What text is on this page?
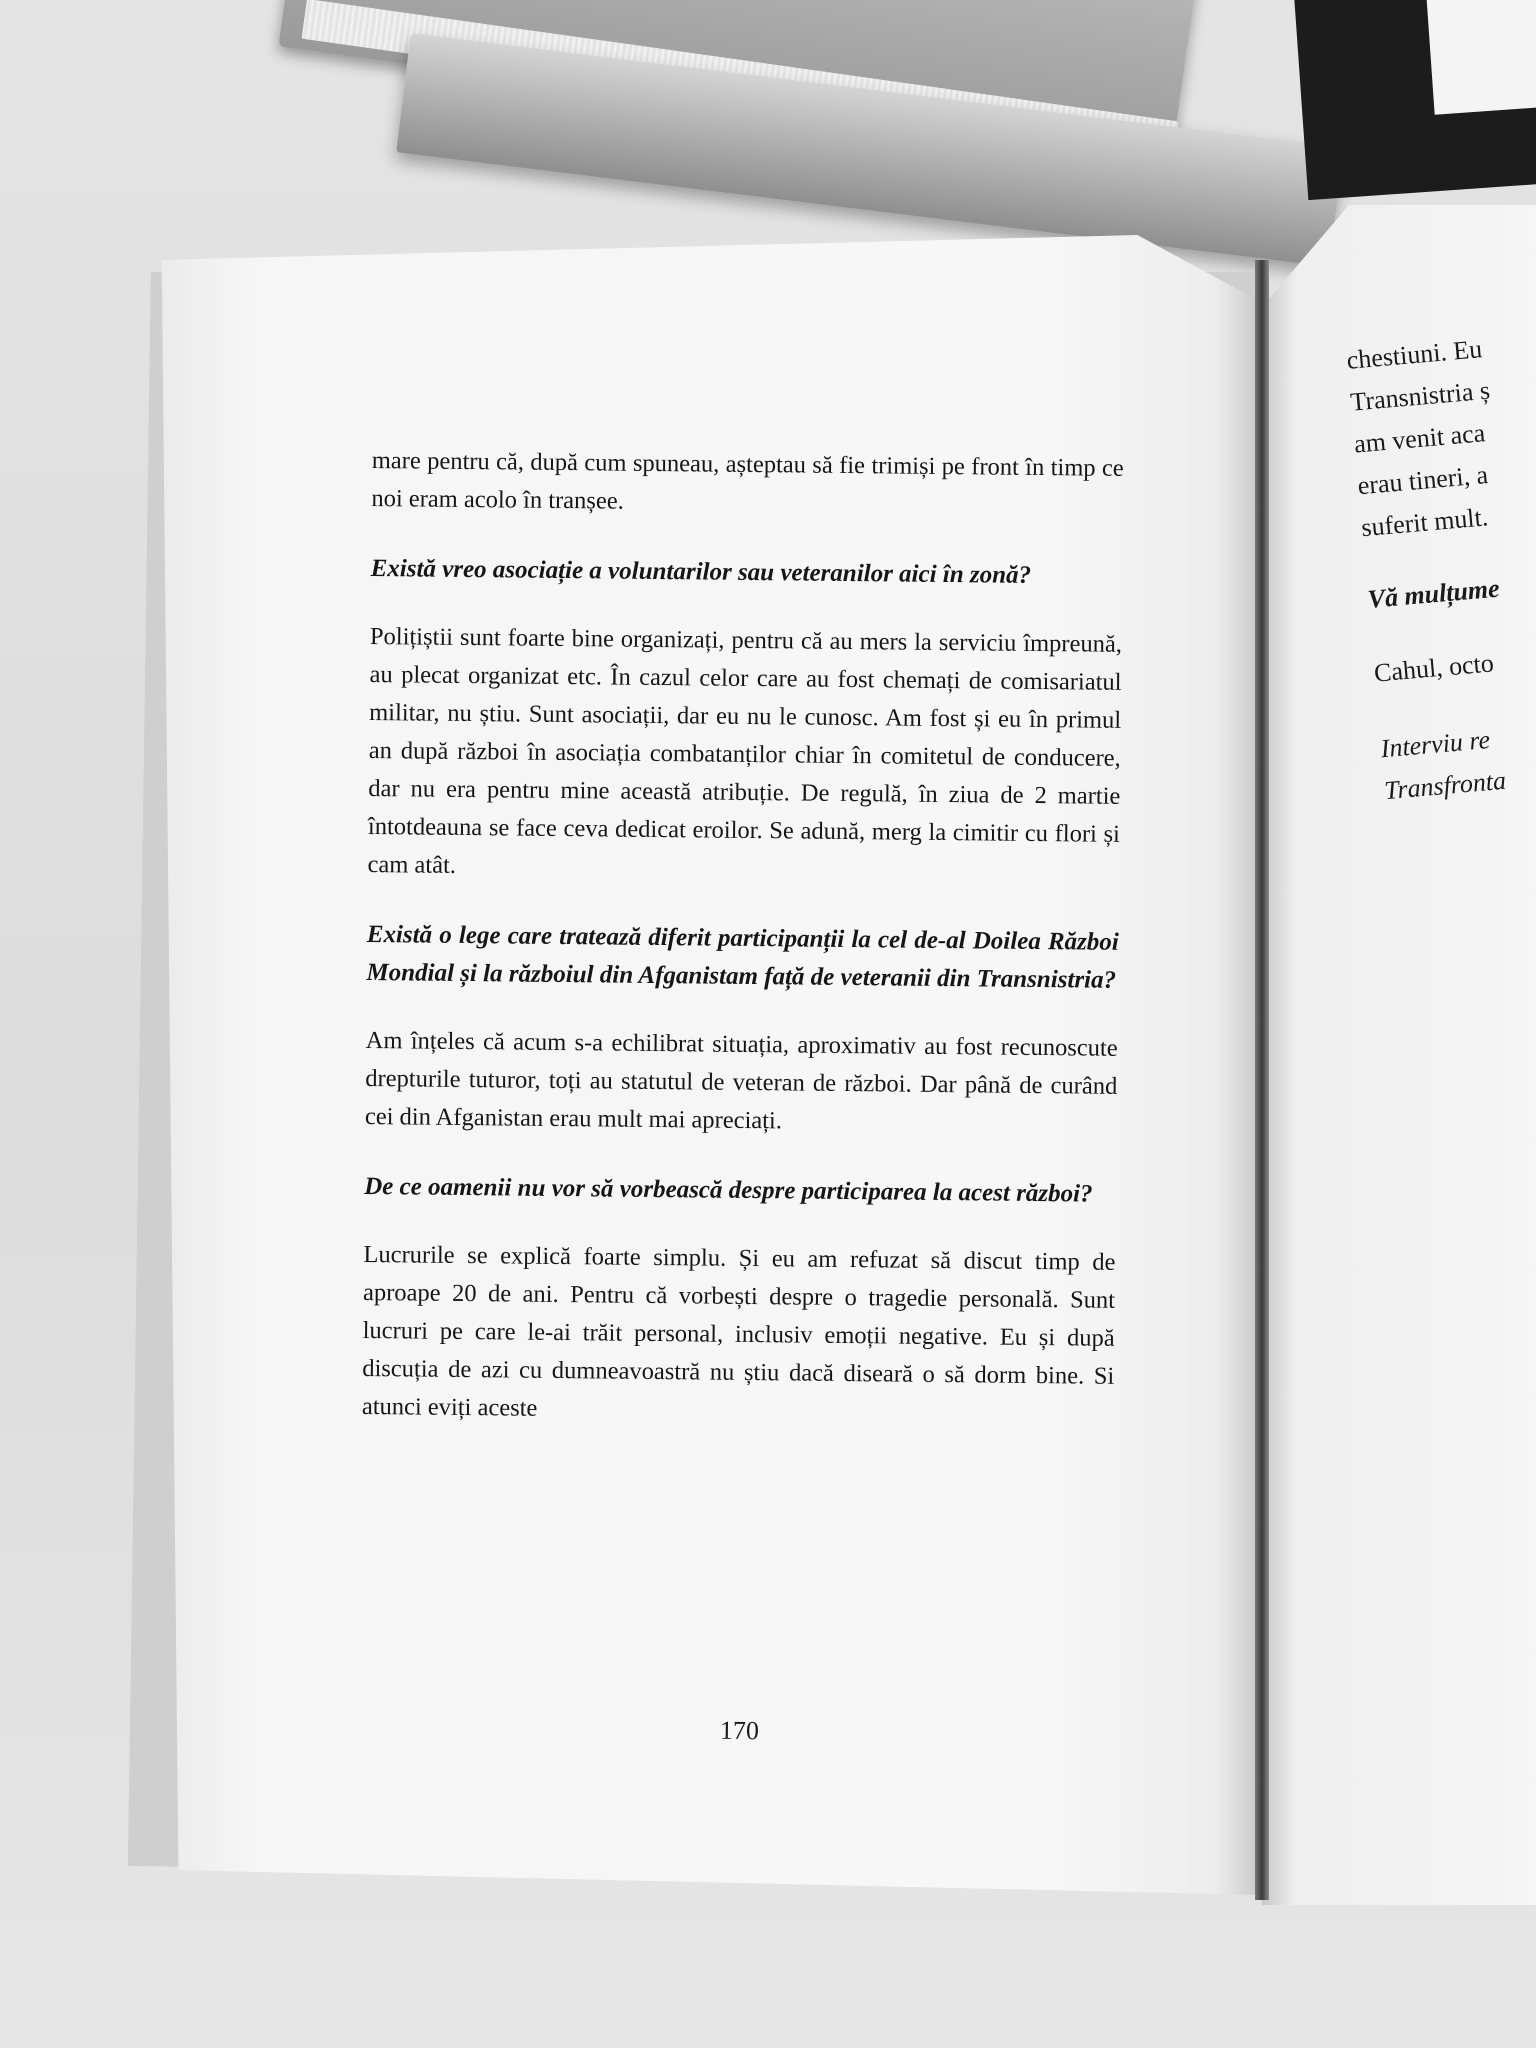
mare pentru că, după cum spuneau, așteptau să fie trimiși pe front în timp ce noi eram acolo în tranșee.

Există vreo asociație a voluntarilor sau veteranilor aici în zonă?

Polițiștii sunt foarte bine organizați, pentru că au mers la serviciu împreună, au plecat organizat etc. În cazul celor care au fost chemați de comisariatul militar, nu știu. Sunt asociații, dar eu nu le cunosc. Am fost și eu în primul an după război în asociația combatanților chiar în comitetul de conducere, dar nu era pentru mine această atribuție. De regulă, în ziua de 2 martie întotdeauna se face ceva dedicat eroilor. Se adună, merg la cimitir cu flori și cam atât.

Există o lege care tratează diferit participanții la cel de-al Doilea Război Mondial și la războiul din Afganistam față de veteranii din Transnistria?

Am înțeles că acum s-a echilibrat situația, aproximativ au fost recunoscute drepturile tuturor, toți au statutul de veteran de război. Dar până de curând cei din Afganistan erau mult mai apreciați.

De ce oamenii nu vor să vorbească despre participarea la acest război?

Lucrurile se explică foarte simplu. Și eu am refuzat să discut timp de aproape 20 de ani. Pentru că vorbești despre o tragedie personală. Sunt lucruri pe care le-ai trăit personal, inclusiv emoții negative. Eu și după discuția de azi cu dumneavoastră nu știu dacă diseară o să dorm bine. Si atunci eviți aceste

170
chestiuni. Eu
Transnistria ș
am venit aca
erau tineri, a
suferit mult.
Vă mulțume
Cahul, octo
Interviu re
Transfronta
